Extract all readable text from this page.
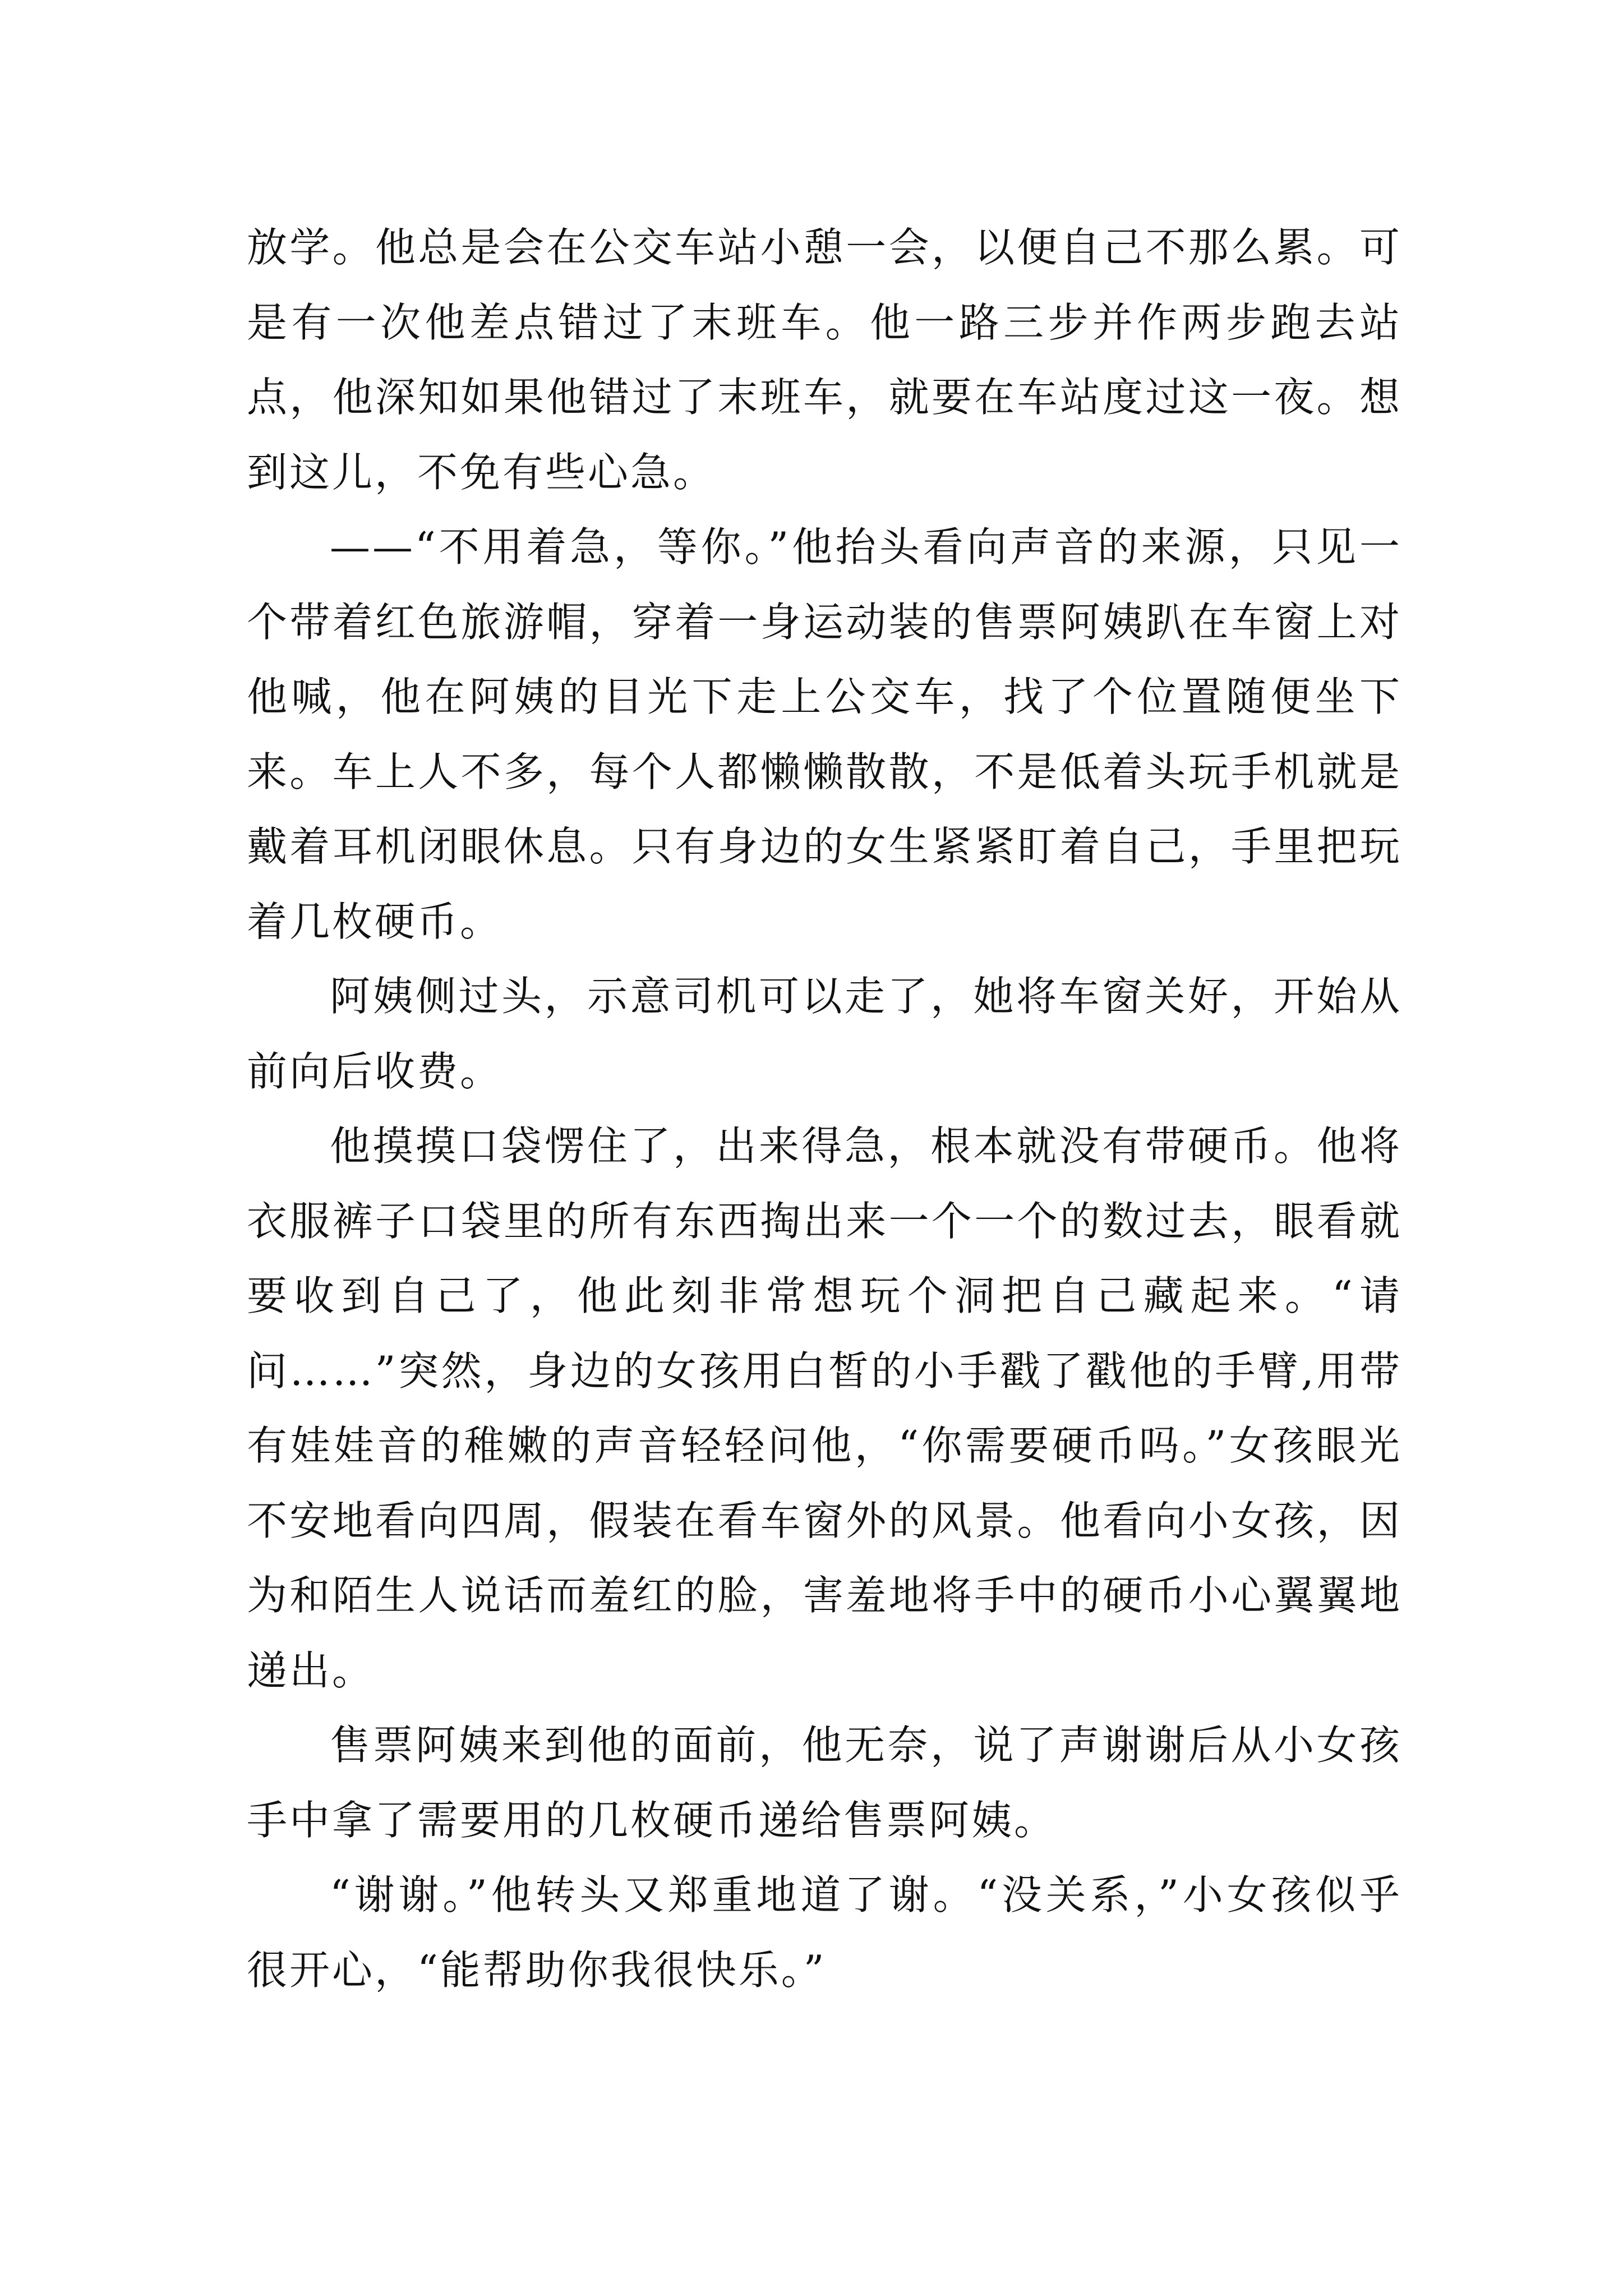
放学。他总是会在公交车站小憩一会，以便自己不那么累。可是有一次他差点错过了末班车。他一路三步并作两步跑去站点，他深知如果他错过了末班车，就要在车站度过这一夜。想到这儿，不免有些心急。

——“不用着急，等你。”他抬头看向声音的来源，只见一个带着红色旅游帽，穿着一身运动装的售票阿姨趴在车窗上对他喊，他在阿姨的目光下走上公交车，找了个位置随便坐下来。车上人不多，每个人都懒懒散散，不是低着头玩手机就是戴着耳机闭眼休息。只有身边的女生紧紧盯着自己，手里把玩着几枚硬币。

阿姨侧过头，示意司机可以走了，她将车窗关好，开始从前向后收费。

他摸摸口袋愣住了，出来得急，根本就没有带硬币。他将衣服裤子口袋里的所有东西掏出来一个一个的数过去，眼看就要收到自己了，他此刻非常想玩个洞把自己藏起来。“请问……”突然，身边的女孩用白皙的小手戳了戳他的手臂,用带有娃娃音的稚嫩的声音轻轻问他，“你需要硬币吗。”女孩眼光不安地看向四周，假装在看车窗外的风景。他看向小女孩，因为和陌生人说话而羞红的脸，害羞地将手中的硬币小心翼翼地递出。

售票阿姨来到他的面前，他无奈，说了声谢谢后从小女孩手中拿了需要用的几枚硬币递给售票阿姨。

“谢谢。”他转头又郑重地道了谢。“没关系，”小女孩似乎很开心，“能帮助你我很快乐。”
